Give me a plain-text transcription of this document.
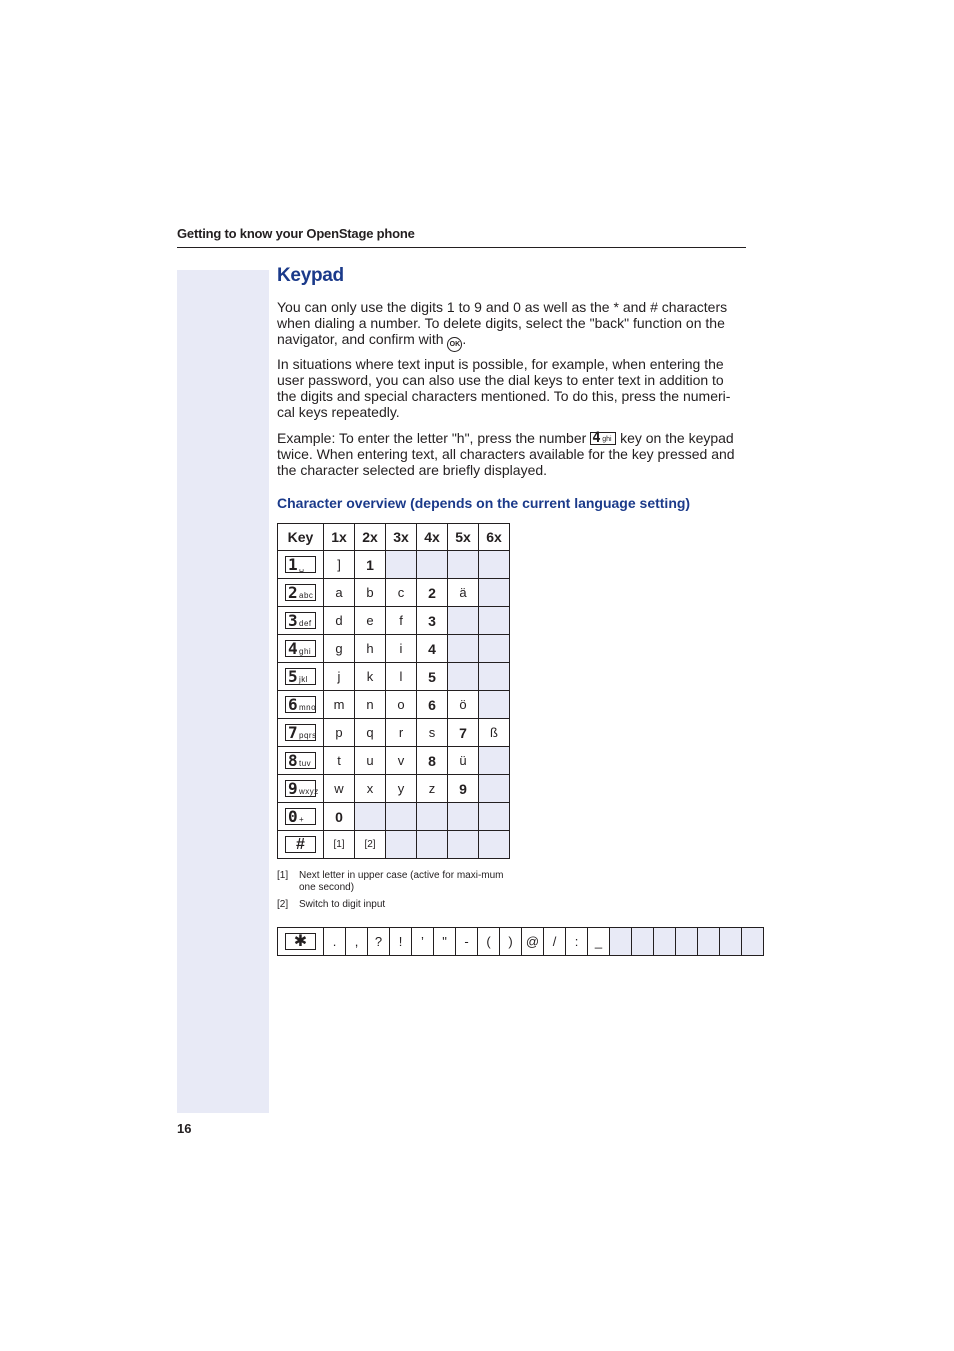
Getting to know your OpenStage phone
Keypad

You can only use the digits 1 to 9 and 0 as well as the * and # characters when dialing a number. To delete digits, select the "back" function on the navigator, and confirm with OK .

In situations where text input is possible, for example, when entering the user password, you can also use the dial keys to enter text in addition to the digits and special characters mentioned. To do this, press the numeri-cal keys repeatedly.

Example: To enter the letter "h", press the number 4 ghi key on the keypad twice. When entering text, all characters available for the key pressed and the character selected are briefly displayed.

Character overview (depends on the current language setting)
Key	1x	2x	3x	4x	5x	6x

1 ␣	]	1				

2 abc	a	b	c	2	ä	

3 def	d	e	f	3		

4 ghi	g	h	i	4		

5 jkl	j	k	l	5		

6 mno	m	n	o	6	ö	

7 pqrs	p	q	r	s	7	ß

8 tuv	t	u	v	8	ü	

9 wxyz	w	x	y	z	9	

0 +	0					

#	[1]	[2]				
[1]	Next letter in upper case (active for maxi-mum one second)
[2]	Switch to digit input
✱	.	,	?	!	’	"	-	(	)	@	/	:	_							
16
